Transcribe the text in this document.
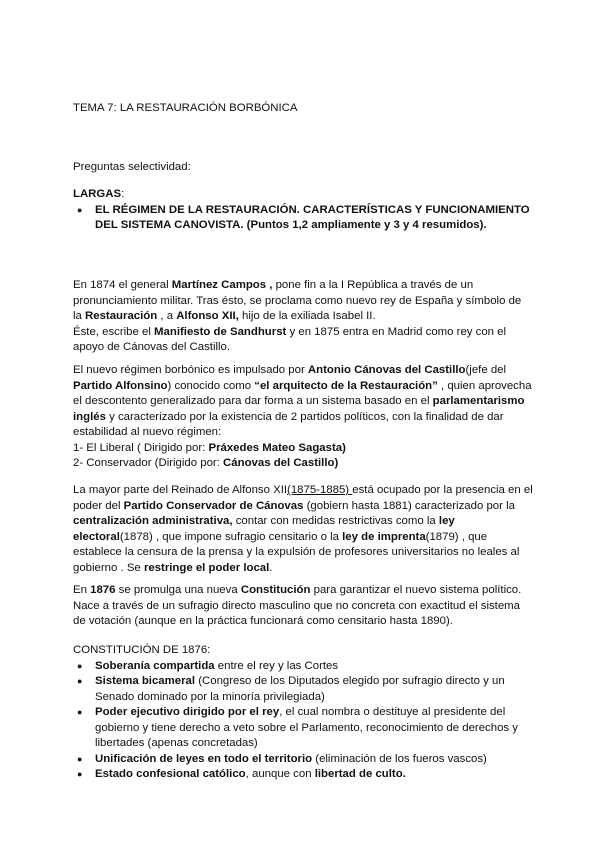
TEMA 7: LA RESTAURACIÓN BORBÓNICA

Preguntas selectividad:

LARGAS:

● EL RÉGIMEN DE LA RESTAURACIÓN. CARACTERÍSTICAS Y FUNCIONAMIENTO DEL SISTEMA CANOVISTA. (Puntos 1,2 ampliamente y 3 y 4 resumidos).

En 1874 el general Martínez Campos , pone fin a la I República a través de un pronunciamiento militar. Tras ésto, se proclama como nuevo rey de España y símbolo de la Restauración , a Alfonso XII, hijo de la exiliada Isabel II.

Éste, escribe el Manifiesto de Sandhurst y en 1875 entra en Madrid como rey con el apoyo de Cánovas del Castillo.

El nuevo régimen borbónico es impulsado por Antonio Cánovas del Castillo(jefe del Partido Alfonsino) conocido como “el arquitecto de la Restauración” , quien aprovecha el descontento generalizado para dar forma a un sistema basado en el parlamentarismo inglés y caracterizado por la existencia de 2 partidos políticos, con la finalidad de dar estabilidad al nuevo régimen:

1- El Liberal ( Dirigido por: Práxedes Mateo Sagasta)

2- Conservador (Dirigido por: Cánovas del Castillo)

La mayor parte del Reinado de Alfonso XII(1875-1885) está ocupado por la presencia en el poder del Partido Conservador de Cánovas (gobiern hasta 1881) caracterizado por la centralización administrativa, contar con medidas restrictivas como la ley electoral(1878) , que impone sufragio censitario o la ley de imprenta(1879) , que establece la censura de la prensa y la expulsión de profesores universitarios no leales al gobierno . Se restringe el poder local.

En 1876 se promulga una nueva Constitución para garantizar el nuevo sistema político. Nace a través de un sufragio directo masculino que no concreta con exactitud el sistema de votación (aunque en la práctica funcionará como censitario hasta 1890).

CONSTITUCIÓN DE 1876:

● Soberanía compartida entre el rey y las Cortes
● Sistema bicameral (Congreso de los Diputados elegido por sufragio directo y un Senado dominado por la minoría privilegiada)
● Poder ejecutivo dirigido por el rey, el cual nombra o destituye al presidente del gobierno y tiene derecho a veto sobre el Parlamento, reconocimiento de derechos y libertades (apenas concretadas)
● Unificación de leyes en todo el territorio (eliminación de los fueros vascos)
● Estado confesional católico, aunque con libertad de culto.
